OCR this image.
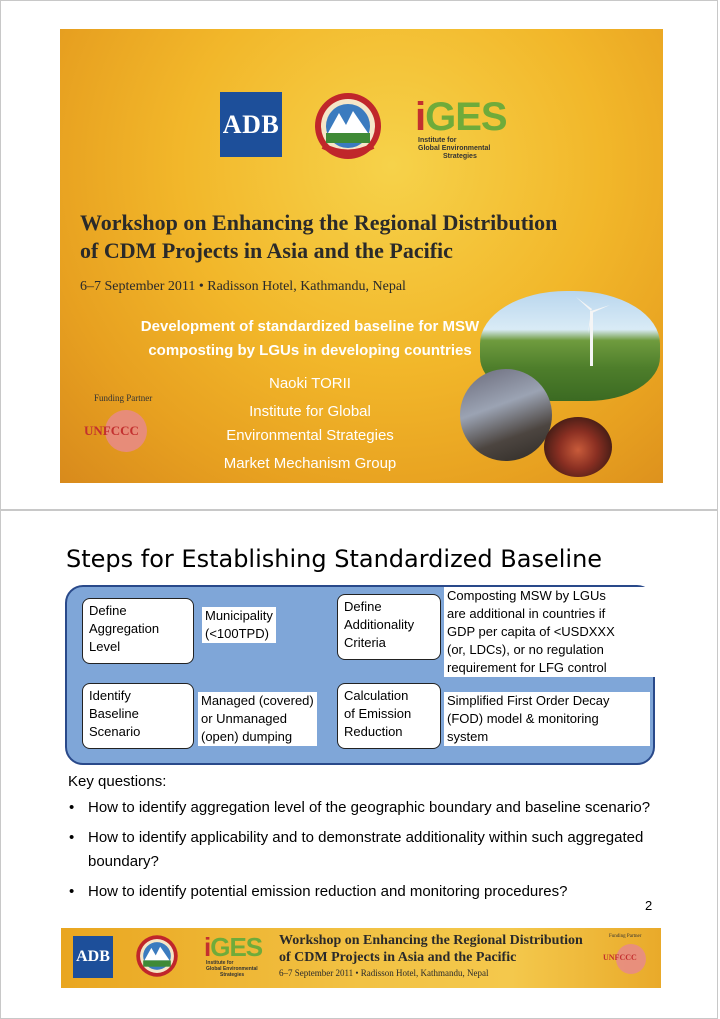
ADB	iGES
Institute for
Global Environmental
Strategies
Workshop on Enhancing the Regional Distribution
of CDM Projects in Asia and the Pacific
6–7 September 2011 • Radisson Hotel, Kathmandu, Nepal
Development of standardized baseline for MSW
composting by LGUs in developing countries
Naoki TORII
Institute for Global
Environmental Strategies
Market Mechanism Group
Funding Partner
UNFCCC
Steps for Establishing Standardized Baseline
Define
Aggregation
Level
Municipality
(<100TPD)
Define
Additionality
Criteria
Composting MSW by LGUs
are additional in countries if
GDP per capita of <USDXXX
(or, LDCs), or no regulation
requirement for LFG control
Identify
Baseline
Scenario
Managed (covered)
or Unmanaged
(open) dumping
Calculation
of Emission
Reduction
Simplified First Order Decay
(FOD) model & monitoring
system
Key questions:
• How to identify aggregation level of the geographic boundary and baseline scenario?
• How to identify applicability and to demonstrate additionality within such aggregated boundary?
• How to identify potential emission reduction and monitoring procedures?
2
ADB	iGES
Institute for
Global Environmental
Strategies
Workshop on Enhancing the Regional Distribution
of CDM Projects in Asia and the Pacific
6–7 September 2011 • Radisson Hotel, Kathmandu, Nepal
Funding Partner
UNFCCC
